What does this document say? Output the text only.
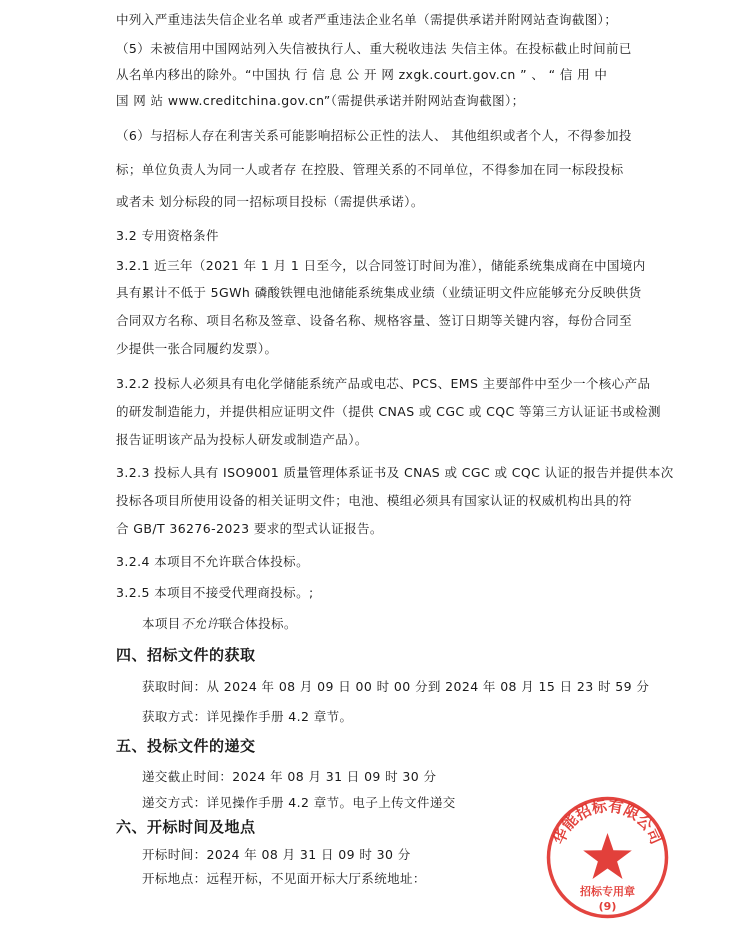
中列入严重违法失信企业名单 或者严重违法企业名单（需提供承诺并附网站查询截图）；
（5）未被信用中国网站列入失信被执行人、重大税收违法 失信主体。在投标截止时间前已
从名单内移出的除外。“中国执 行 信 息 公 开 网 zxgk.court.gov.cn ” 、 “ 信 用 中
国 网 站 www.creditchina.gov.cn”（需提供承诺并附网站查询截图）；
（6）与招标人存在利害关系可能影响招标公正性的法人、 其他组织或者个人，不得参加投
标；单位负责人为同一人或者存 在控股、管理关系的不同单位，不得参加在同一标段投标
或者未 划分标段的同一招标项目投标（需提供承诺）。
3.2 专用资格条件
3.2.1 近三年（2021 年 1 月 1 日至今，以合同签订时间为准），储能系统集成商在中国境内
具有累计不低于 5GWh 磷酸铁锂电池储能系统集成业绩（业绩证明文件应能够充分反映供货
合同双方名称、项目名称及签章、设备名称、规格容量、签订日期等关键内容，每份合同至
少提供一张合同履约发票）。
3.2.2 投标人必须具有电化学储能系统产品或电芯、PCS、EMS 主要部件中至少一个核心产品
的研发制造能力，并提供相应证明文件（提供 CNAS 或 CGC 或 CQC 等第三方认证证书或检测
报告证明该产品为投标人研发或制造产品）。
3.2.3 投标人具有 ISO9001 质量管理体系证书及 CNAS 或 CGC 或 CQC 认证的报告并提供本次
投标各项目所使用设备的相关证明文件；电池、模组必须具有国家认证的权威机构出具的符
合 GB/T 36276-2023 要求的型式认证报告。
3.2.4 本项目不允许联合体投标。
3.2.5 本项目不接受代理商投标。;
本项目不允许联合体投标。
四、招标文件的获取
获取时间：从 2024 年 08 月 09 日 00 时 00 分到 2024 年 08 月 15 日 23 时 59 分
获取方式：详见操作手册 4.2 章节。
五、投标文件的递交
递交截止时间：2024 年 08 月 31 日 09 时 30 分
递交方式：详见操作手册 4.2 章节。电子上传文件递交
六、开标时间及地点
开标时间：2024 年 08 月 31 日 09 时 30 分
开标地点：远程开标，不见面开标大厅系统地址：
华能招标有限公司
招标专用章
(9)
